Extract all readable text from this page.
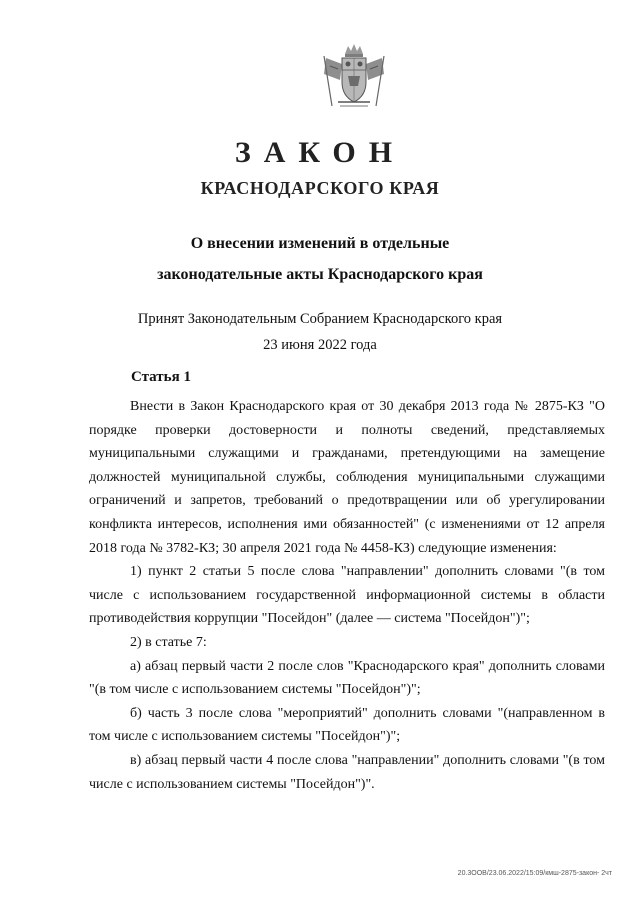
ЗАКОН
КРАСНОДАРСКОГО КРАЯ
О внесении изменений в отдельные
законодательные акты Краснодарского края
Принят Законодательным Собранием Краснодарского края
23 июня 2022 года
Статья 1

Внести в Закон Краснодарского края от 30 декабря 2013 года № 2875-КЗ "О порядке проверки достоверности и полноты сведений, представляемых муниципальными служащими и гражданами, претендующими на замещение должностей муниципальной службы, соблюдения муниципальными служащими ограничений и запретов, требований о предотвращении или об урегулировании конфликта интересов, исполнения ими обязанностей" (с изменениями от 12 апреля 2018 года № 3782-КЗ; 30 апреля 2021 года № 4458-КЗ) следующие изменения:

1) пункт 2 статьи 5 после слова "направлении" дополнить словами "(в том числе с использованием государственной информационной системы в области противодействия коррупции "Посейдон" (далее — система "Посейдон")";

2) в статье 7:

а) абзац первый части 2 после слов "Краснодарского края" дополнить словами "(в том числе с использованием системы "Посейдон")";

б) часть 3 после слова "мероприятий" дополнить словами "(направленном в том числе с использованием системы "Посейдон")";

в) абзац первый части 4 после слова "направлении" дополнить словами "(в том числе с использованием системы "Посейдон")".

20.3ООВ/23.06.2022/15:09/кмш-2875-закон- 2чт
